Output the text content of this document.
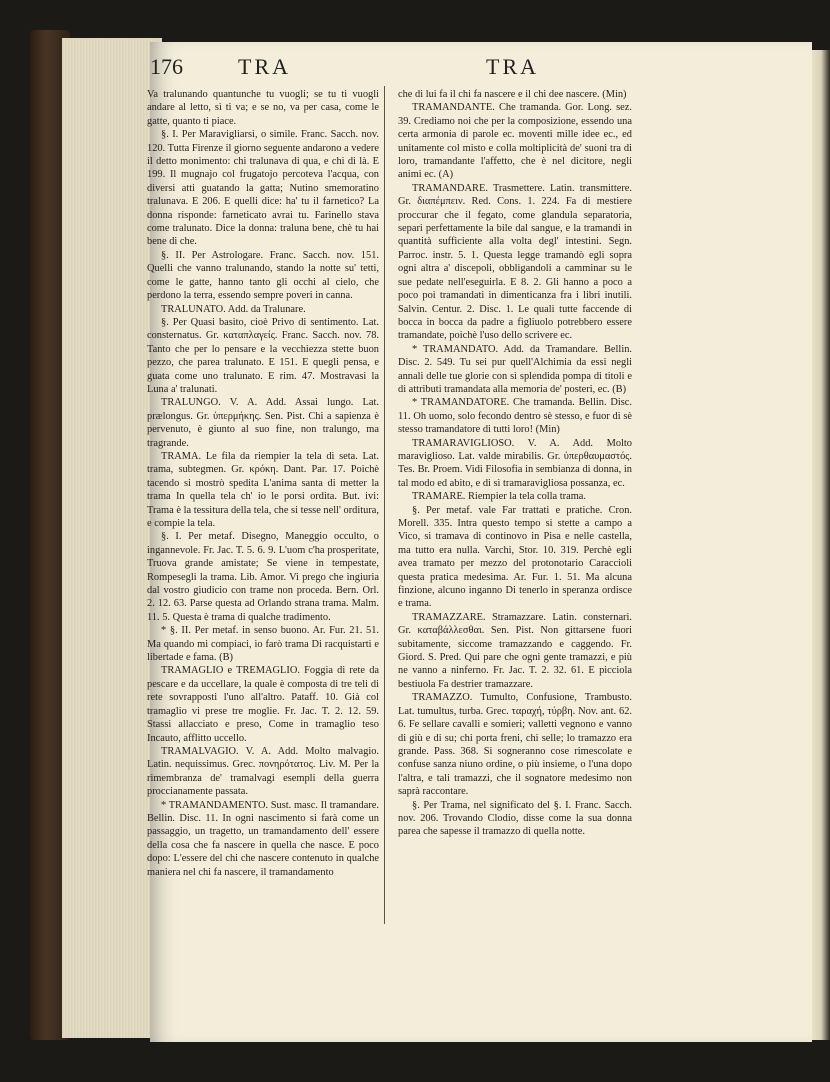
176	TRA	TRA

Va tralunando quantunche tu vuogli; se tu ti vuogli andare al letto, sì ti va; e se no, va per casa, come le gatte, quanto ti piace.

§. I. Per Maravigliarsi, o simile. Franc. Sacch. nov. 120. Tutta Firenze il giorno seguente andarono a vedere il detto monimento: chi tralunava di qua, e chi di là. E 199. Il mugnajo col frugatojo percoteva l'acqua, con diversi atti guatando la gatta; Nutino smemoratino tralunava. E 206. E quelli dice: ha' tu il farnetico? La donna risponde: farneticato avrai tu. Farinello stava come tralunato. Dice la donna: traluna bene, chè tu hai bene di che.

§. II. Per Astrologare. Franc. Sacch. nov. 151. Quelli che vanno tralunando, stando la notte su' tetti, come le gatte, hanno tanto gli occhi al cielo, che perdono la terra, essendo sempre poveri in canna.

TRALUNATO. Add. da Tralunare.

§. Per Quasi basito, cioè Privo di sentimento. Lat. consternatus. Gr. καταπλαγείς. Franc. Sacch. nov. 78. Tanto che per lo pensare e la vecchiezza stette buon pezzo, che parea tralunato. E 151. E quegli pensa, e guata come uno tralunato. E rim. 47. Mostravasi la Luna a' tralunati.

TRALUNGO. V. A. Add. Assai lungo. Lat. prælongus. Gr. ὑπερμήκης. Sen. Pist. Chi a sapienza è pervenuto, è giunto al suo fine, non tralungo, ma tragrande.

TRAMA. Le fila da riempier la tela di seta. Lat. trama, subtegmen. Gr. κρόκη. Dant. Par. 17. Poichè tacendo si mostrò spedita L'anima santa di metter la trama In quella tela ch' io le porsi ordita. But. ivi: Trama è la tessitura della tela, che si tesse nell' orditura, e compie la tela.

§. I. Per metaf. Disegno, Maneggio occulto, o ingannevole. Fr. Jac. T. 5. 6. 9. L'uom c'ha prosperitate, Truova grande amistate; Se viene in tempestate, Rompesegli la trama. Lib. Amor. Vi prego che ingiuria dal vostro giudicio con trame non proceda. Bern. Orl. 2. 12. 63. Parse questa ad Orlando strana trama. Malm. 11. 5. Questa è trama di qualche tradimento.

* §. II. Per metaf. in senso buono. Ar. Fur. 21. 51. Ma quando mi compiaci, io farò trama Di racquistarti e libertade e fama. (B)

TRAMAGLIO e TREMAGLIO. Foggia di rete da pescare e da uccellare, la quale è composta di tre teli di rete sovrapposti l'uno all'altro. Pataff. 10. Già col tramaglio vi prese tre moglie. Fr. Jac. T. 2. 12. 59. Stassi allacciato e preso, Come in tramaglio teso Incauto, afflitto uccello.

TRAMALVAGIO. V. A. Add. Molto malvagio. Latin. nequissimus. Grec. πονηρότατος. Liv. M. Per la rimembranza de' tramalvagi esempli della guerra proccianamente passata.

* TRAMANDAMENTO. Sust. masc. Il tramandare. Bellin. Disc. 11. In ogni nascimento si farà come un passaggio, un tragetto, un tramandamento dell' essere della cosa che fa nascere in quella che nasce. E poco dopo: L'essere del chi che nascere contenuto in qualche maniera nel chi fa nascere, il tramandamento

che di lui fa il chi fa nascere e il chi dee nascere. (Min)

TRAMANDANTE. Che tramanda. Gor. Long. sez. 39. Crediamo noi che per la composizione, essendo una certa armonia di parole ec. moventi mille idee ec., ed unitamente col misto e colla moltiplicità de' suoni tra di loro, tramandante l'affetto, che è nel dicitore, negli animi ec. (A)

TRAMANDARE. Trasmettere. Latin. transmittere. Gr. διαπέμπειν. Red. Cons. 1. 224. Fa di mestiere proccurar che il fegato, come glandula separatoria, separi perfettamente la bile dal sangue, e la tramandi in quantità sufficiente alla volta degl' intestini. Segn. Parroc. instr. 5. 1. Questa legge tramandò egli sopra ogni altra a' discepoli, obbligandoli a camminar su le sue pedate nell'eseguirla. E 8. 2. Gli hanno a poco a poco poi tramandati in dimenticanza fra i libri inutili. Salvin. Centur. 2. Disc. 1. Le quali tutte faccende di bocca in bocca da padre a figliuolo potrebbero essere tramandate, poichè l'uso dello scrivere ec.

* TRAMANDATO. Add. da Tramandare. Bellin. Disc. 2. 549. Tu sei pur quell'Alchimia da essi negli annali delle tue glorie con sì splendida pompa di titoli e di attributi tramandata alla memoria de' posteri, ec. (B)

* TRAMANDATORE. Che tramanda. Bellin. Disc. 11. Oh uomo, solo fecondo dentro sè stesso, e fuor di sè stesso tramandatore di tutti loro! (Min)

TRAMARAVIGLIOSO. V. A. Add. Molto maraviglioso. Lat. valde mirabilis. Gr. ὑπερθαυμαστός. Tes. Br. Proem. Vidi Filosofia in sembianza di donna, in tal modo ed abito, e di sì tramaravigliosa possanza, ec.

TRAMARE. Riempier la tela colla trama.

§. Per metaf. vale Far trattati e pratiche. Cron. Morell. 335. Intra questo tempo si stette a campo a Vico, si tramava di continovo in Pisa e nelle castella, ma tutto era nulla. Varchi, Stor. 10. 319. Perchè egli avea tramato per mezzo del protonotario Caraccioli questa pratica medesima. Ar. Fur. 1. 51. Ma alcuna finzione, alcuno inganno Di tenerlo in speranza ordisce e trama.

TRAMAZZARE. Stramazzare. Latin. consternari. Gr. καταβάλλεσθαι. Sen. Pist. Non gittarsene fuori subitamente, siccome tramazzando e caggendo. Fr. Giord. S. Pred. Qui pare che ogni gente tramazzi, e più ne vanno a ninferno. Fr. Jac. T. 2. 32. 61. E picciola bestiuola Fa destrier tramazzare.

TRAMAZZO. Tumulto, Confusione, Trambusto. Lat. tumultus, turba. Grec. ταραχή, τύρβη. Nov. ant. 62. 6. Fe sellare cavalli e somieri; valletti vegnono e vanno di giù e di su; chi porta freni, chi selle; lo tramazzo era grande. Pass. 368. Si sogneranno cose rimescolate e confuse sanza niuno ordine, o più insieme, o l'una dopo l'altra, e tali tramazzi, che il sognatore medesimo non saprà raccontare.

§. Per Trama, nel significato del §. I. Franc. Sacch. nov. 206. Trovando Clodio, disse come la sua donna parea che sapesse il tramazzo di quella notte.
